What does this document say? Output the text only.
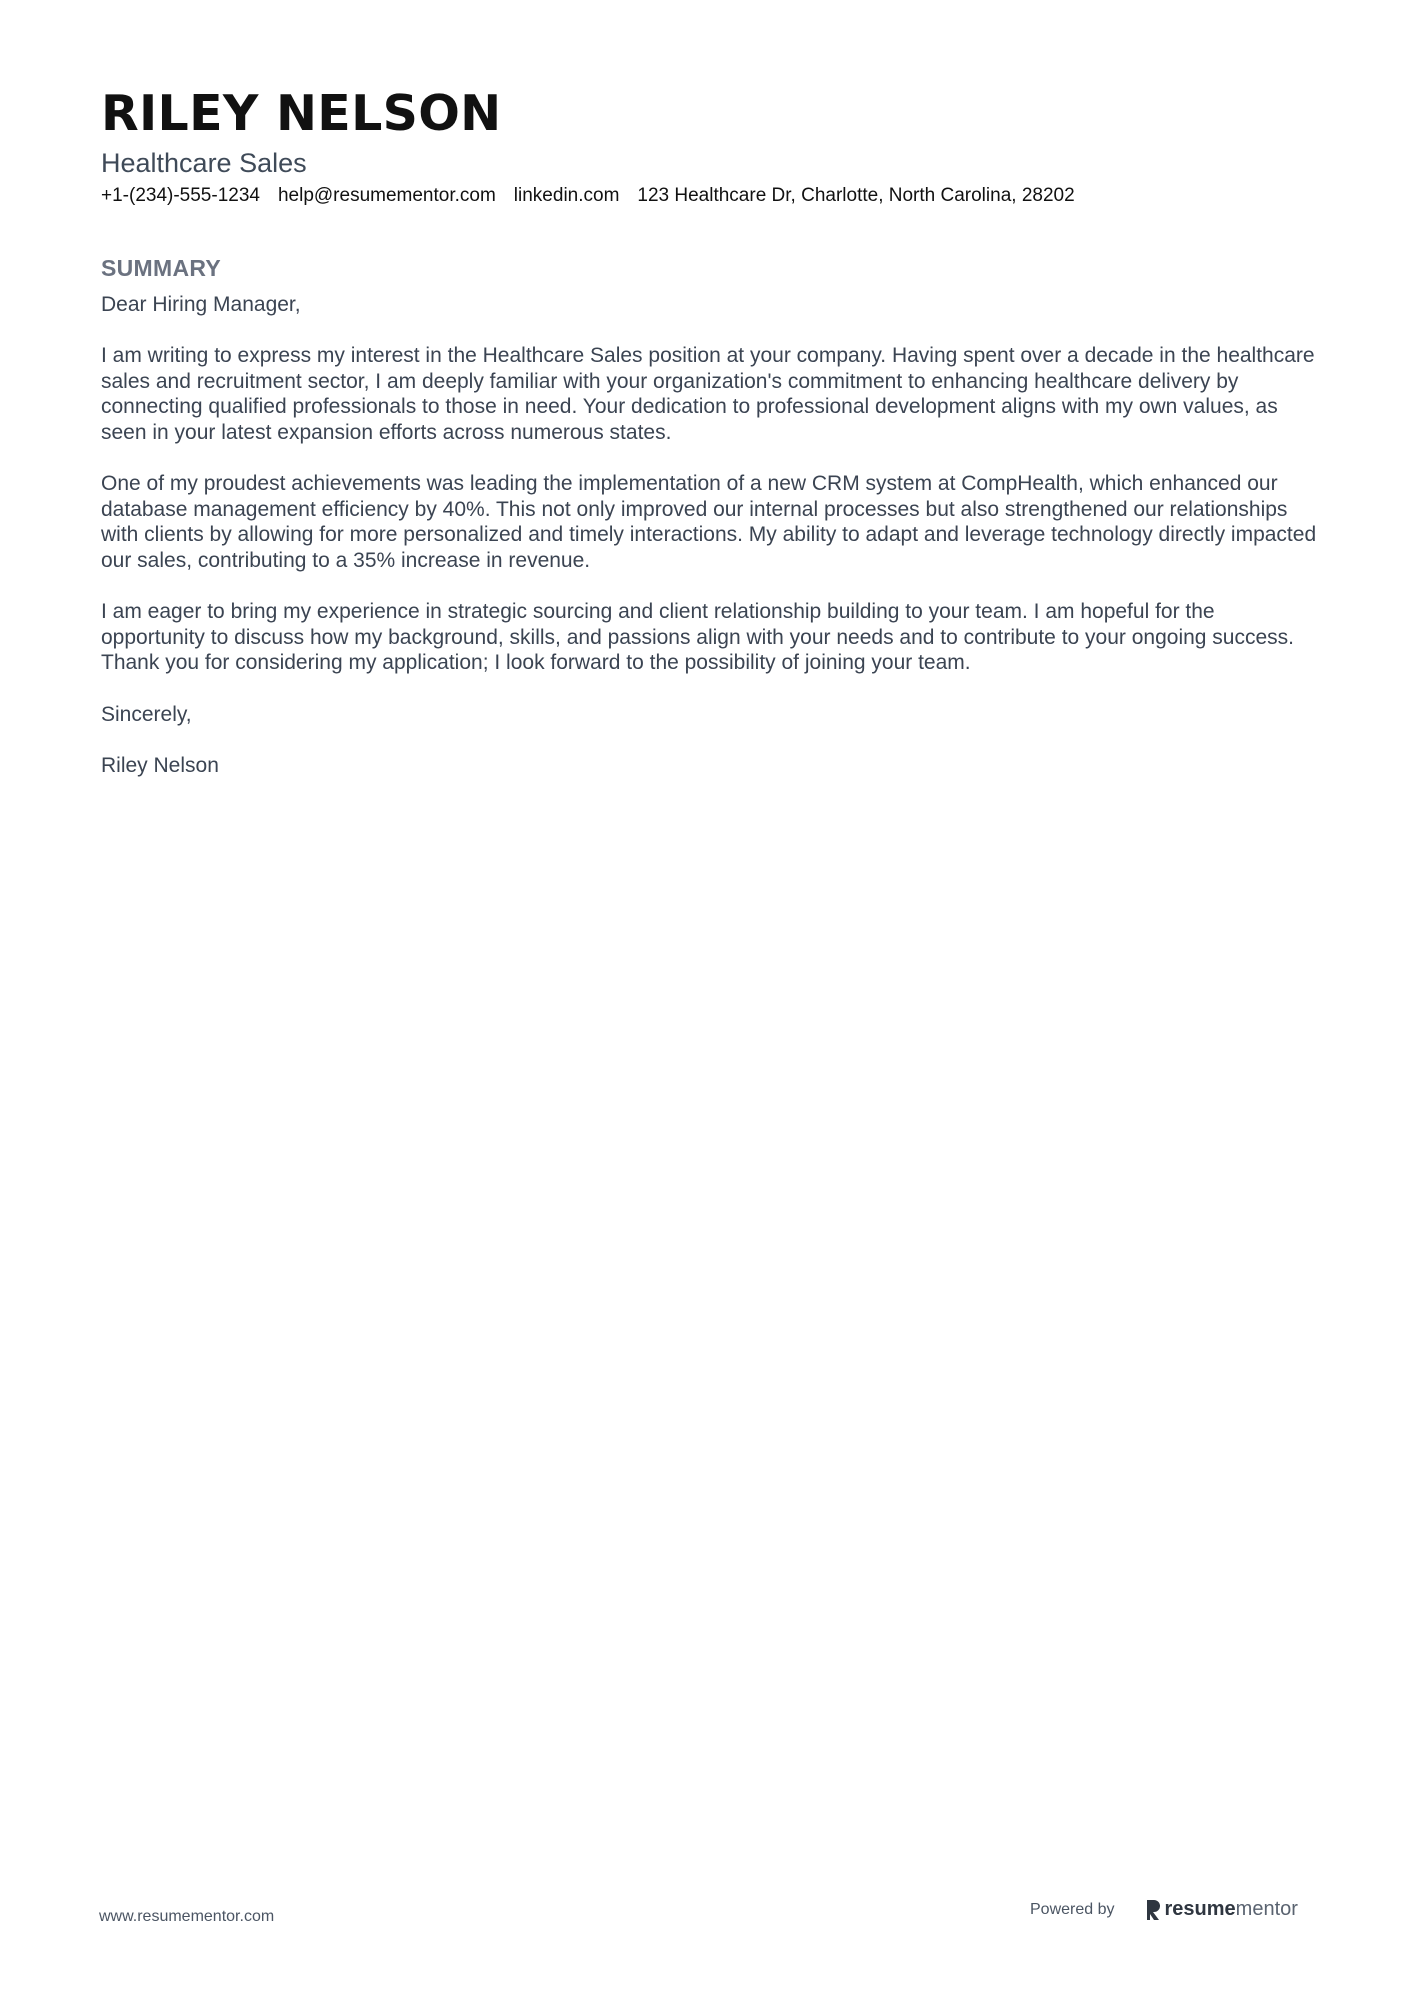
RILEY NELSON
Healthcare Sales
+1-(234)-555-1234 help@resumementor.com linkedin.com 123 Healthcare Dr, Charlotte, North Carolina, 28202
SUMMARY

Dear Hiring Manager,

I am writing to express my interest in the Healthcare Sales position at your company. Having spent over a decade in the healthcare sales and recruitment sector, I am deeply familiar with your organization's commitment to enhancing healthcare delivery by connecting qualified professionals to those in need. Your dedication to professional development aligns with my own values, as seen in your latest expansion efforts across numerous states.

One of my proudest achievements was leading the implementation of a new CRM system at CompHealth, which enhanced our database management efficiency by 40%. This not only improved our internal processes but also strengthened our relationships with clients by allowing for more personalized and timely interactions. My ability to adapt and leverage technology directly impacted our sales, contributing to a 35% increase in revenue.

I am eager to bring my experience in strategic sourcing and client relationship building to your team. I am hopeful for the opportunity to discuss how my background, skills, and passions align with your needs and to contribute to your ongoing success. Thank you for considering my application; I look forward to the possibility of joining your team.

Sincerely,

Riley Nelson

www.resumementor.com	Powered by	resumementor
